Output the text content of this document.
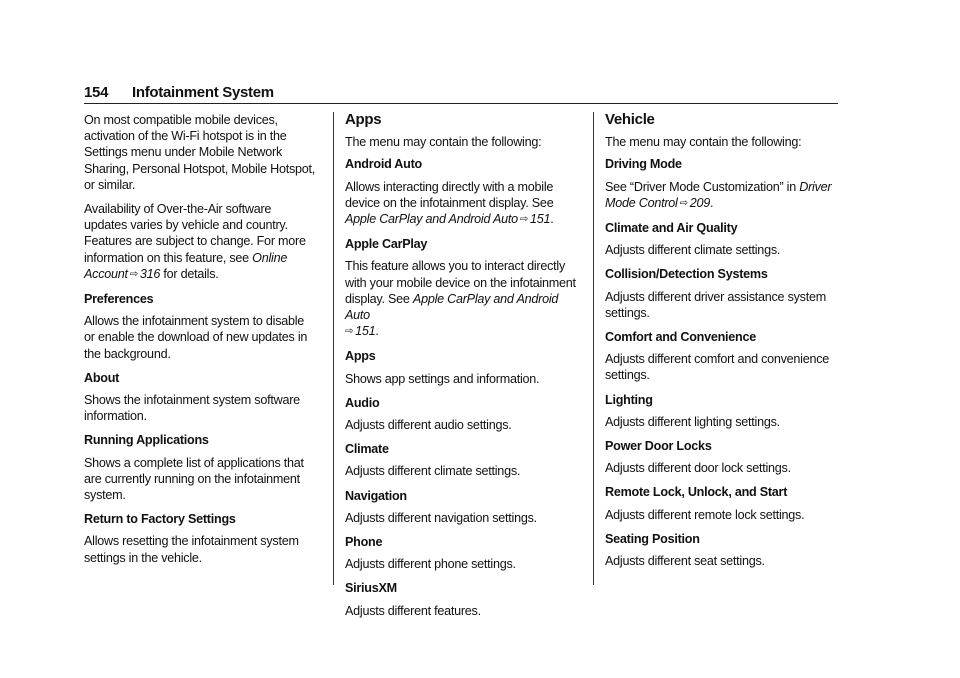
154 Infotainment System

On most compatible mobile devices, activation of the Wi-Fi hotspot is in the Settings menu under Mobile Network Sharing, Personal Hotspot, Mobile Hotspot, or similar.

Availability of Over-the-Air software updates varies by vehicle and country. Features are subject to change. For more information on this feature, see Online Account ⇨ 316 for details.

Preferences

Allows the infotainment system to disable or enable the download of new updates in the background.

About

Shows the infotainment system software information.

Running Applications

Shows a complete list of applications that are currently running on the infotainment system.

Return to Factory Settings

Allows resetting the infotainment system settings in the vehicle.

Apps

The menu may contain the following:

Android Auto

Allows interacting directly with a mobile device on the infotainment display. See Apple CarPlay and Android Auto ⇨ 151.

Apple CarPlay

This feature allows you to interact directly with your mobile device on the infotainment display. See Apple CarPlay and Android Auto
⇨ 151.

Apps

Shows app settings and information.

Audio

Adjusts different audio settings.

Climate

Adjusts different climate settings.

Navigation

Adjusts different navigation settings.

Phone

Adjusts different phone settings.

SiriusXM

Adjusts different features.

Vehicle

The menu may contain the following:

Driving Mode

See “Driver Mode Customization” in Driver Mode Control ⇨ 209.

Climate and Air Quality

Adjusts different climate settings.

Collision/Detection Systems

Adjusts different driver assistance system settings.

Comfort and Convenience

Adjusts different comfort and convenience settings.

Lighting

Adjusts different lighting settings.

Power Door Locks

Adjusts different door lock settings.

Remote Lock, Unlock, and Start

Adjusts different remote lock settings.

Seating Position

Adjusts different seat settings.
